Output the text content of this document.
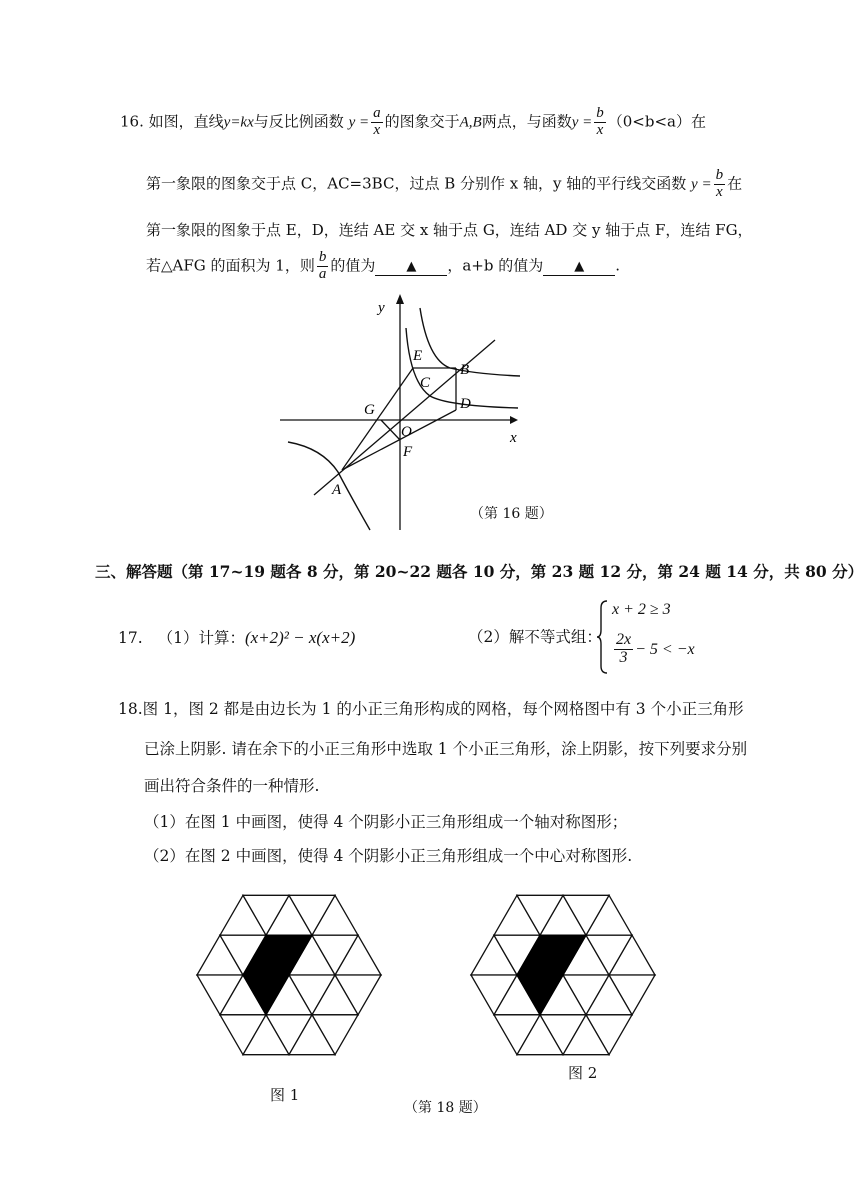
16. 如图，直线y=kx与反比例函数 $y = \frac{a}{x}$ 的图象交于A,B两点，与函数$y = \frac{b}{x} (0<b<a)$在
第一象限的图象交于点 C，AC=3BC，过点 B 分别作 x 轴，y 轴的平行线交函数 $y = \frac{b}{x}$ 在
第一象限的图象于点 E，D，连结 AE 交 x 轴于点 G，连结 AD 交 y 轴于点 F，连结 FG，
若△AFG 的面积为 1，则 $\frac{b}{a}$ 的值为 ▲ ，a+b 的值为 ▲ .
y
x
E
B
C
D
G
O
F
A
（第 16 题）
三、解答题（第 17~19 题各 8 分，第 20~22 题各 10 分，第 23 题 12 分，第 24 题 14 分，共 80 分）
17. （1）计算：(x+2)² − x(x+2)	（2）解不等式组：
x + 2 ≥ 3
$\frac{2x}{3} - 5 < -x$
18.图 1，图 2 都是由边长为 1 的小正三角形构成的网格，每个网格图中有 3 个小正三角形
已涂上阴影. 请在余下的小正三角形中选取 1 个小正三角形，涂上阴影，按下列要求分别
画出符合条件的一种情形.
（1）在图 1 中画图，使得 4 个阴影小正三角形组成一个轴对称图形；
（2）在图 2 中画图，使得 4 个阴影小正三角形组成一个中心对称图形.
图 1
图 2
（第 18 题）
